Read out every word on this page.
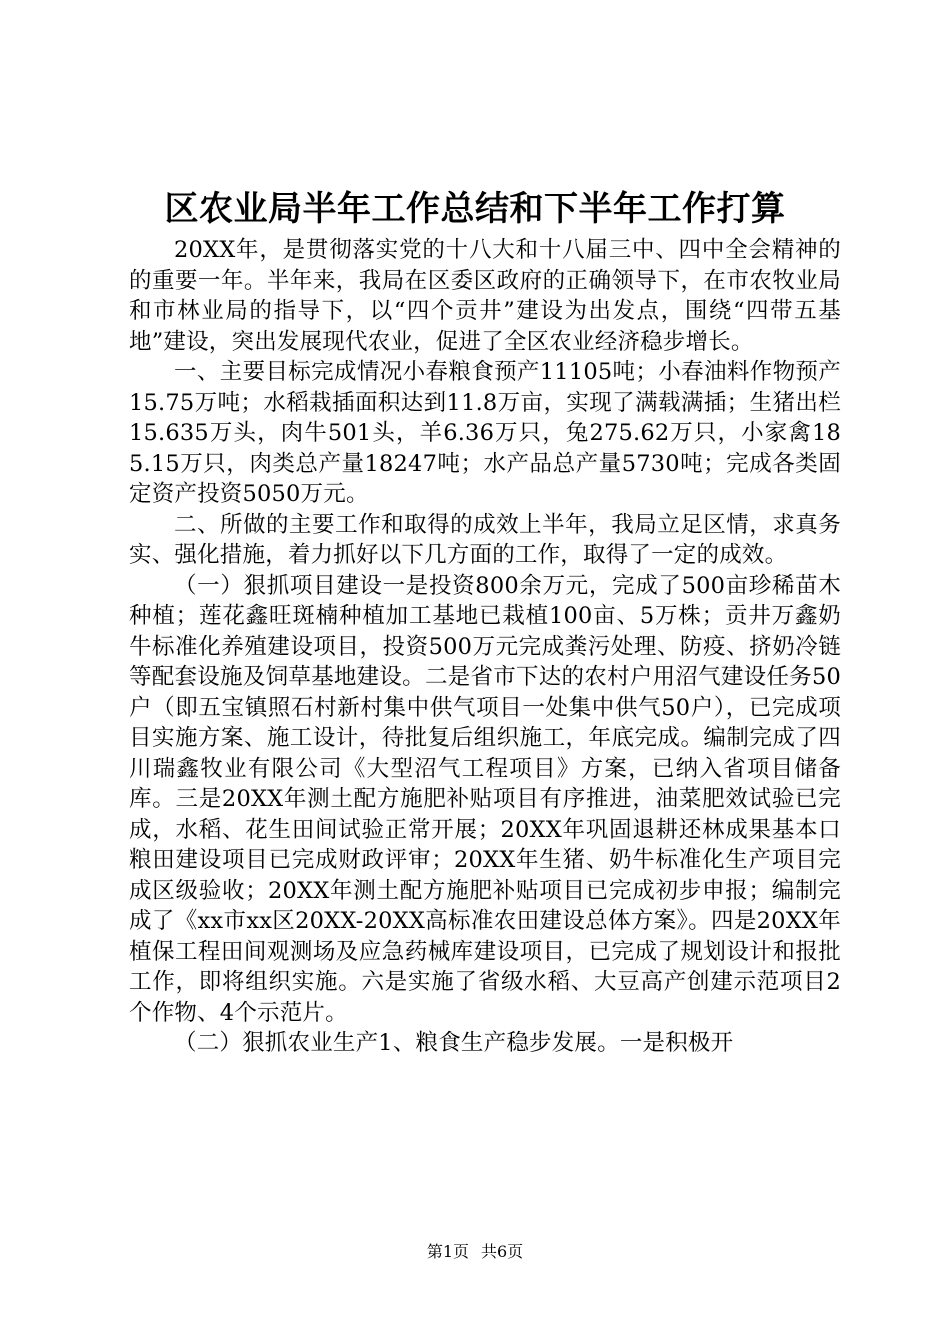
区农业局半年工作总结和下半年工作打算

20XX年，是贯彻落实党的十八大和十八届三中、四中全会精神的的重要一年。半年来，我局在区委区政府的正确领导下，在市农牧业局和市林业局的指导下，以“四个贡井”建设为出发点，围绕“四带五基地”建设，突出发展现代农业，促进了全区农业经济稳步增长。

一、主要目标完成情况小春粮食预产11105吨；小春油料作物预产15.75万吨；水稻栽插面积达到11.8万亩，实现了满载满插；生猪出栏15.635万头，肉牛501头，羊6.36万只，兔275.62万只，小家禽185.15万只，肉类总产量18247吨；水产品总产量5730吨；完成各类固定资产投资5050万元。

二、所做的主要工作和取得的成效上半年，我局立足区情，求真务实、强化措施，着力抓好以下几方面的工作，取得了一定的成效。

（一）狠抓项目建设一是投资800余万元，完成了500亩珍稀苗木种植；莲花鑫旺斑楠种植加工基地已栽植100亩、5万株；贡井万鑫奶牛标准化养殖建设项目，投资500万元完成粪污处理、防疫、挤奶冷链等配套设施及饲草基地建设。二是省市下达的农村户用沼气建设任务50户（即五宝镇照石村新村集中供气项目一处集中供气50户），已完成项目实施方案、施工设计，待批复后组织施工，年底完成。编制完成了四川瑞鑫牧业有限公司《大型沼气工程项目》方案，已纳入省项目储备库。三是20XX年测土配方施肥补贴项目有序推进，油菜肥效试验已完成，水稻、花生田间试验正常开展；20XX年巩固退耕还林成果基本口粮田建设项目已完成财政评审；20XX年生猪、奶牛标准化生产项目完成区级验收；20XX年测土配方施肥补贴项目已完成初步申报；编制完成了《xx市xx区20XX-20XX高标准农田建设总体方案》。四是20XX年植保工程田间观测场及应急药械库建设项目，已完成了规划设计和报批工作，即将组织实施。六是实施了省级水稻、大豆高产创建示范项目2个作物、4个示范片。

（二）狠抓农业生产1、粮食生产稳步发展。一是积极开

第1页 共6页
